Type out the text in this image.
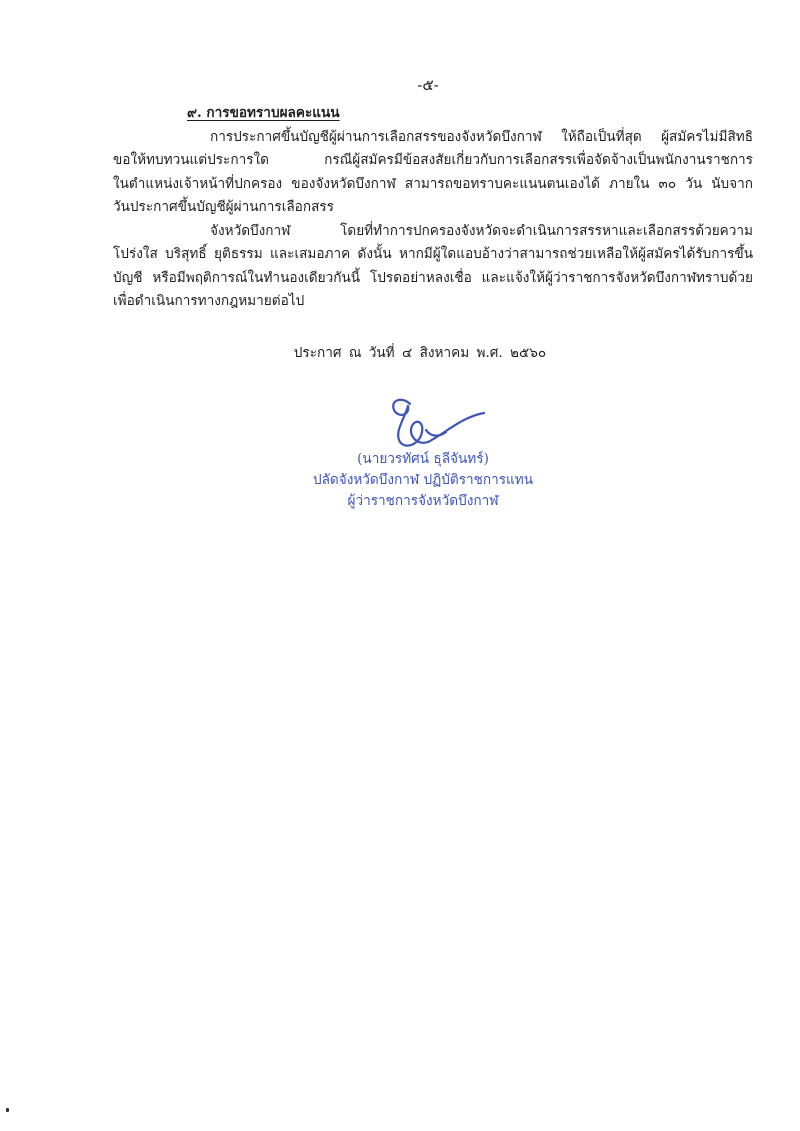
-๕-
๙. การขอทราบผลคะแนน
การประกาศขึ้นบัญชีผู้ผ่านการเลือกสรรของจังหวัดบึงกาฬ ให้ถือเป็นที่สุด ผู้สมัครไม่มีสิทธิ
ขอให้ทบทวนแต่ประการใด กรณีผู้สมัครมีข้อสงสัยเกี่ยวกับการเลือกสรรเพื่อจัดจ้างเป็นพนักงานราชการ
ในตำแหน่งเจ้าหน้าที่ปกครอง ของจังหวัดบึงกาฬ สามารถขอทราบคะแนนตนเองได้ ภายใน ๓๐ วัน นับจาก
วันประกาศขึ้นบัญชีผู้ผ่านการเลือกสรร
จังหวัดบึงกาฬ โดยที่ทำการปกครองจังหวัดจะดำเนินการสรรหาและเลือกสรรด้วยความ
โปร่งใส บริสุทธิ์ ยุติธรรม และเสมอภาค ดังนั้น หากมีผู้ใดแอบอ้างว่าสามารถช่วยเหลือให้ผู้สมัครได้รับการขึ้น
บัญชี หรือมีพฤติการณ์ในทำนองเดียวกันนี้ โปรดอย่าหลงเชื่อ และแจ้งให้ผู้ว่าราชการจังหวัดบึงกาฬทราบด้วย
เพื่อดำเนินการทางกฎหมายต่อไป
ประกาศ ณ วันที่ ๔ สิงหาคม พ.ศ. ๒๕๖๐
(นายวรทัศน์ ธุลีจันทร์)
ปลัดจังหวัดบึงกาฬ ปฏิบัติราชการแทน
ผู้ว่าราชการจังหวัดบึงกาฬ
